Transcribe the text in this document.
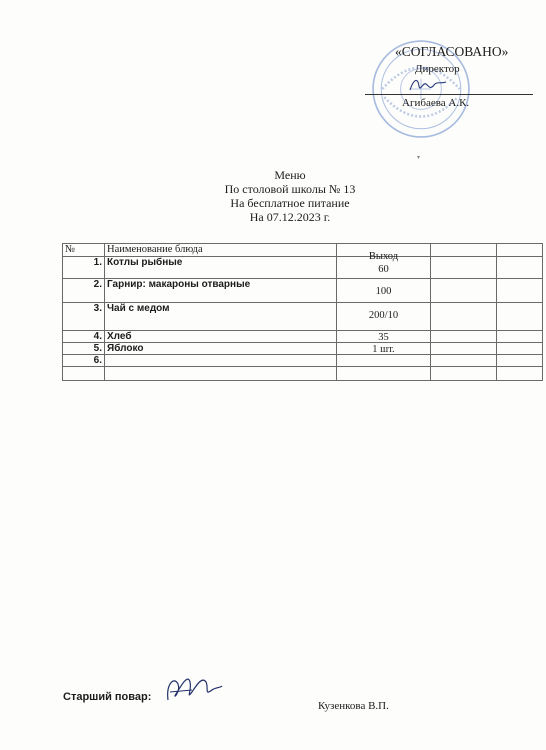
«СОГЛАСОВАНО»
Директор
Агибаева А.К.
▾
Меню
По столовой школы № 13
На бесплатное питание
На 07.12.2023 г.
№	Наименование блюда	Выход		
1.	Котлы рыбные	60		
2.	Гарнир: макароны отварные	100		
3.	Чай с медом	200/10		
4.	Хлеб	35		
5.	Яблоко	1 шт.		
6.				

Старший повар:
Кузенкова В.П.
